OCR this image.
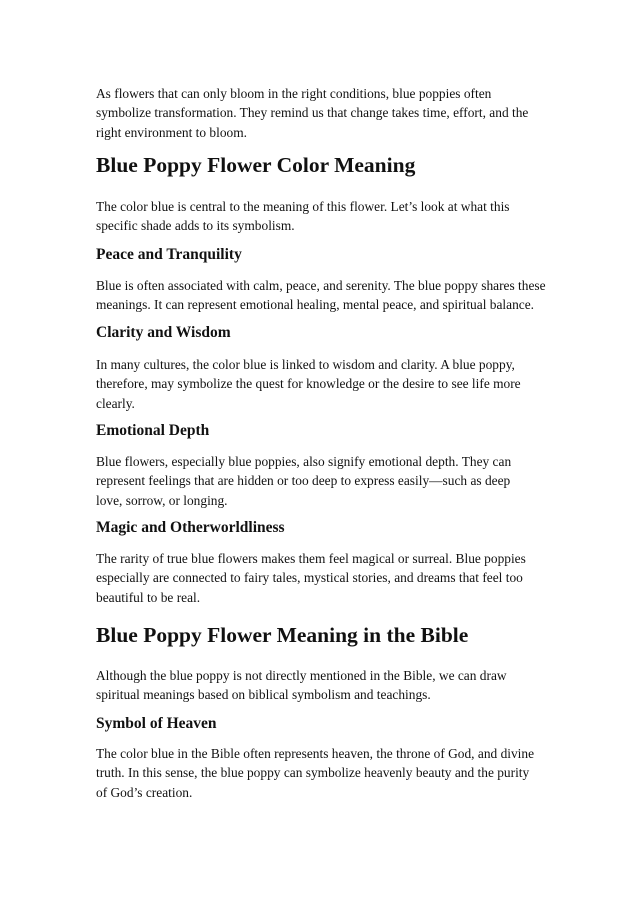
As flowers that can only bloom in the right conditions, blue poppies often symbolize transformation. They remind us that change takes time, effort, and the right environment to bloom.

Blue Poppy Flower Color Meaning

The color blue is central to the meaning of this flower. Let’s look at what this specific shade adds to its symbolism.

Peace and Tranquility

Blue is often associated with calm, peace, and serenity. The blue poppy shares these meanings. It can represent emotional healing, mental peace, and spiritual balance.

Clarity and Wisdom

In many cultures, the color blue is linked to wisdom and clarity. A blue poppy, therefore, may symbolize the quest for knowledge or the desire to see life more clearly.

Emotional Depth

Blue flowers, especially blue poppies, also signify emotional depth. They can represent feelings that are hidden or too deep to express easily—such as deep love, sorrow, or longing.

Magic and Otherworldliness

The rarity of true blue flowers makes them feel magical or surreal. Blue poppies especially are connected to fairy tales, mystical stories, and dreams that feel too beautiful to be real.

Blue Poppy Flower Meaning in the Bible

Although the blue poppy is not directly mentioned in the Bible, we can draw spiritual meanings based on biblical symbolism and teachings.

Symbol of Heaven

The color blue in the Bible often represents heaven, the throne of God, and divine truth. In this sense, the blue poppy can symbolize heavenly beauty and the purity of God’s creation.
